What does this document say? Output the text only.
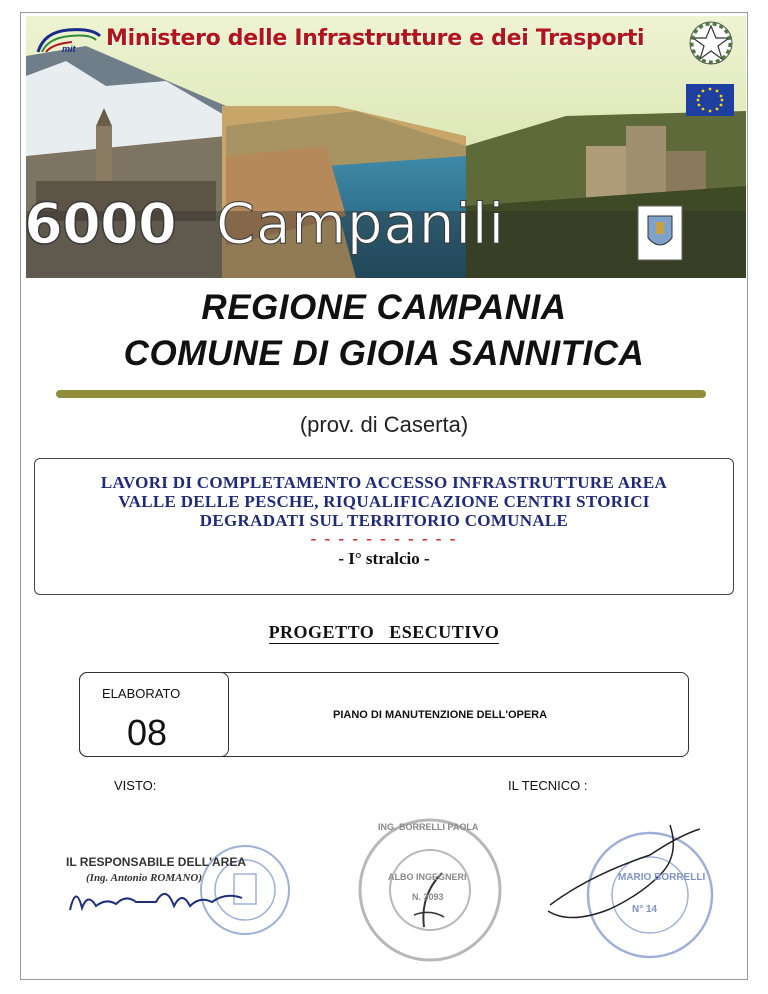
mit Ministero delle Infrastrutture e dei Trasporti
6000 Campanili
REGIONE CAMPANIA
COMUNE DI GIOIA SANNITICA
(prov. di Caserta)
LAVORI DI COMPLETAMENTO ACCESSO INFRASTRUTTURE AREA
VALLE DELLE PESCHE, RIQUALIFICAZIONE CENTRI STORICI
DEGRADATI SUL TERRITORIO COMUNALE
- - - - - - - - - - -
- I° stralcio -
PROGETTO   ESECUTIVO
ELABORATO
08	PIANO DI MANUTENZIONE DELL'OPERA
VISTO:	IL TECNICO :
IL RESPONSABILE DELL'AREA
(Ing. Antonio ROMANO)
ING. BORRELLI PAOLA
ALBO INGEGNERI
N. 3093
MARIO BORRELLI
N° 14
